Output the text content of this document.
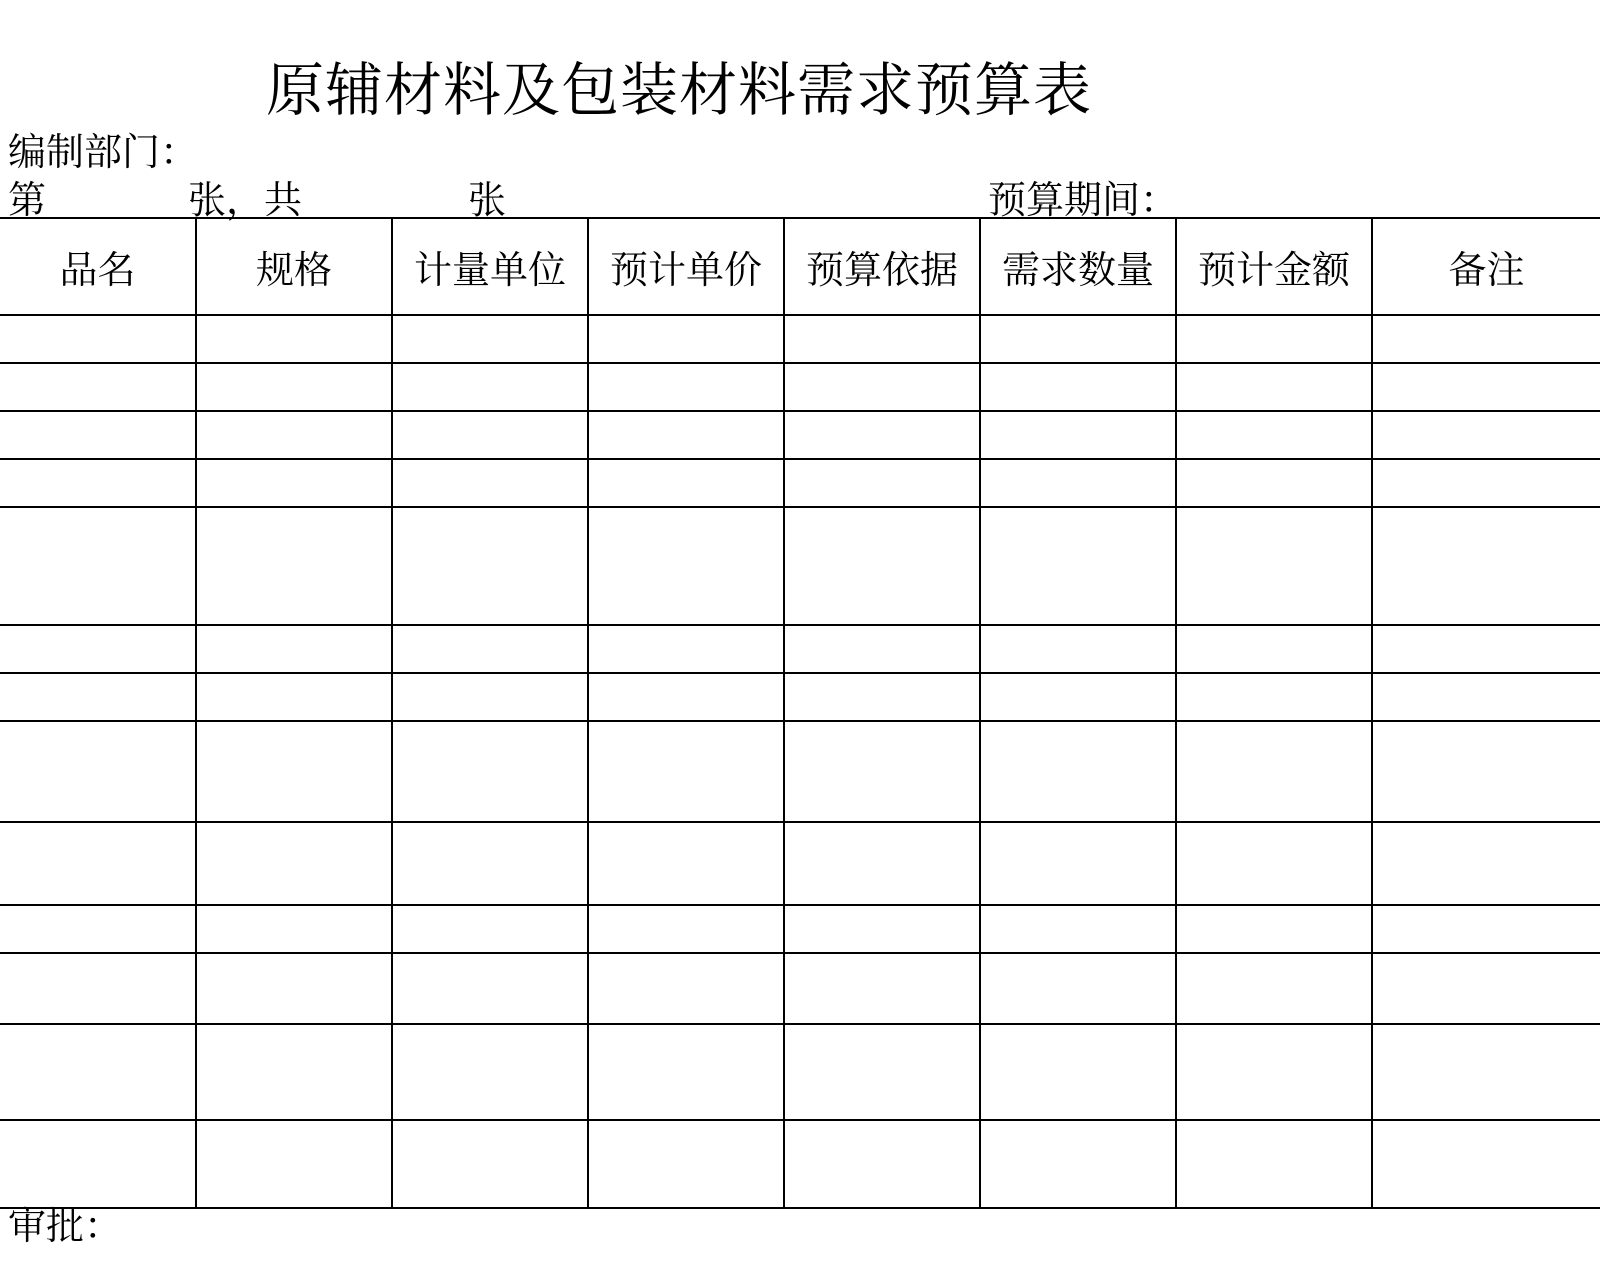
原辅材料及包装材料需求预算表
编制部门：
第	张，共	张	预算期间：
品名	规格	计量单位	预计单价	预算依据	需求数量	预计金额	备注

审批：
